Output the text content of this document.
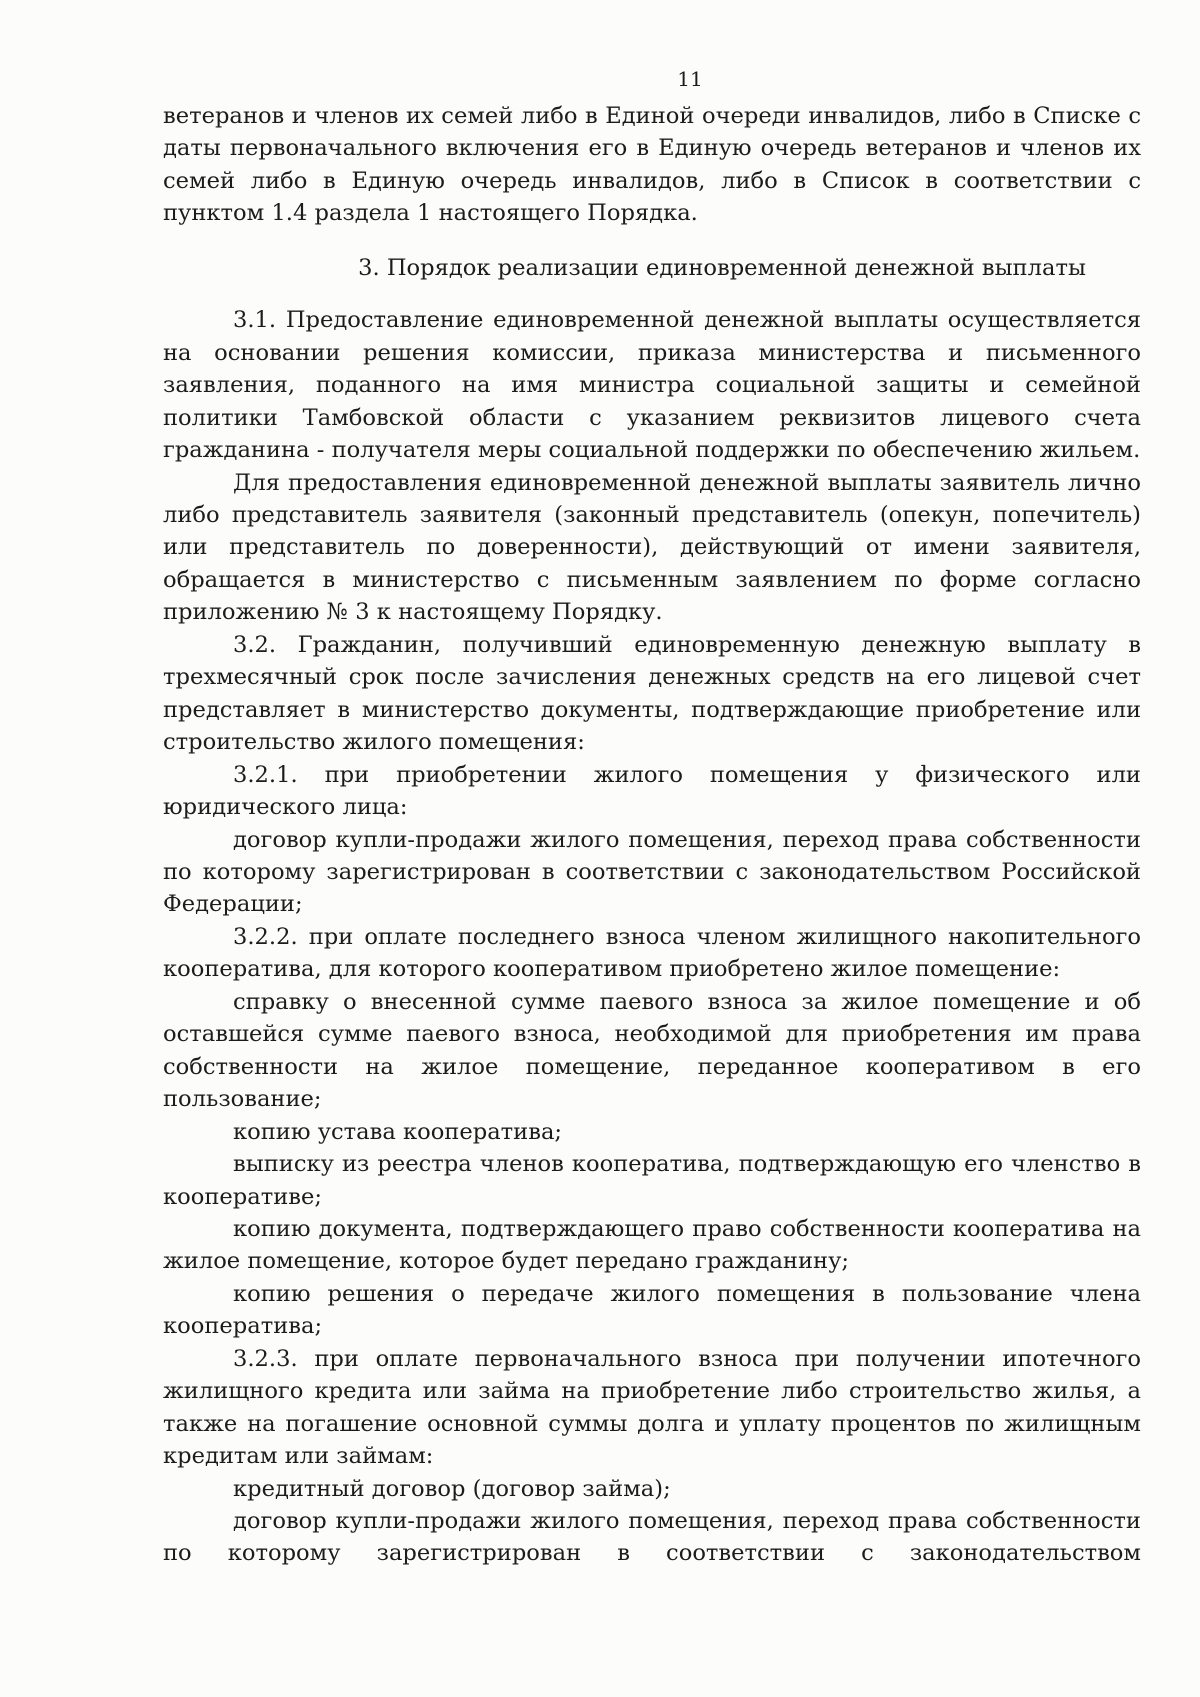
11

ветеранов и членов их семей либо в Единой очереди инвалидов, либо в Списке с даты первоначального включения его в Единую очередь ветеранов и членов их семей либо в Единую очередь инвалидов, либо в Список в соответствии с пунктом 1.4 раздела 1 настоящего Порядка.

3. Порядок реализации единовременной денежной выплаты

3.1. Предоставление единовременной денежной выплаты осуществляется на основании решения комиссии, приказа министерства и письменного заявления, поданного на имя министра социальной защиты и семейной политики Тамбовской области с указанием реквизитов лицевого счета гражданина - получателя меры социальной поддержки по обеспечению жильем.

Для предоставления единовременной денежной выплаты заявитель лично либо представитель заявителя (законный представитель (опекун, попечитель) или представитель по доверенности), действующий от имени заявителя, обращается в министерство с письменным заявлением по форме согласно приложению № 3 к настоящему Порядку.

3.2. Гражданин, получивший единовременную денежную выплату в трехмесячный срок после зачисления денежных средств на его лицевой счет представляет в министерство документы, подтверждающие приобретение или строительство жилого помещения:

3.2.1. при приобретении жилого помещения у физического или юридического лица:

договор купли-продажи жилого помещения, переход права собственности по которому зарегистрирован в соответствии с законодательством Российской Федерации;

3.2.2. при оплате последнего взноса членом жилищного накопительного кооператива, для которого кооперативом приобретено жилое помещение:

справку о внесенной сумме паевого взноса за жилое помещение и об оставшейся сумме паевого взноса, необходимой для приобретения им права собственности на жилое помещение, переданное кооперативом в его пользование;

копию устава кооператива;

выписку из реестра членов кооператива, подтверждающую его членство в кооперативе;

копию документа, подтверждающего право собственности кооператива на жилое помещение, которое будет передано гражданину;

копию решения о передаче жилого помещения в пользование члена кооператива;

3.2.3. при оплате первоначального взноса при получении ипотечного жилищного кредита или займа на приобретение либо строительство жилья, а также на погашение основной суммы долга и уплату процентов по жилищным кредитам или займам:

кредитный договор (договор займа);

договор купли-продажи жилого помещения, переход права собственности по которому зарегистрирован в соответствии с законодательством
